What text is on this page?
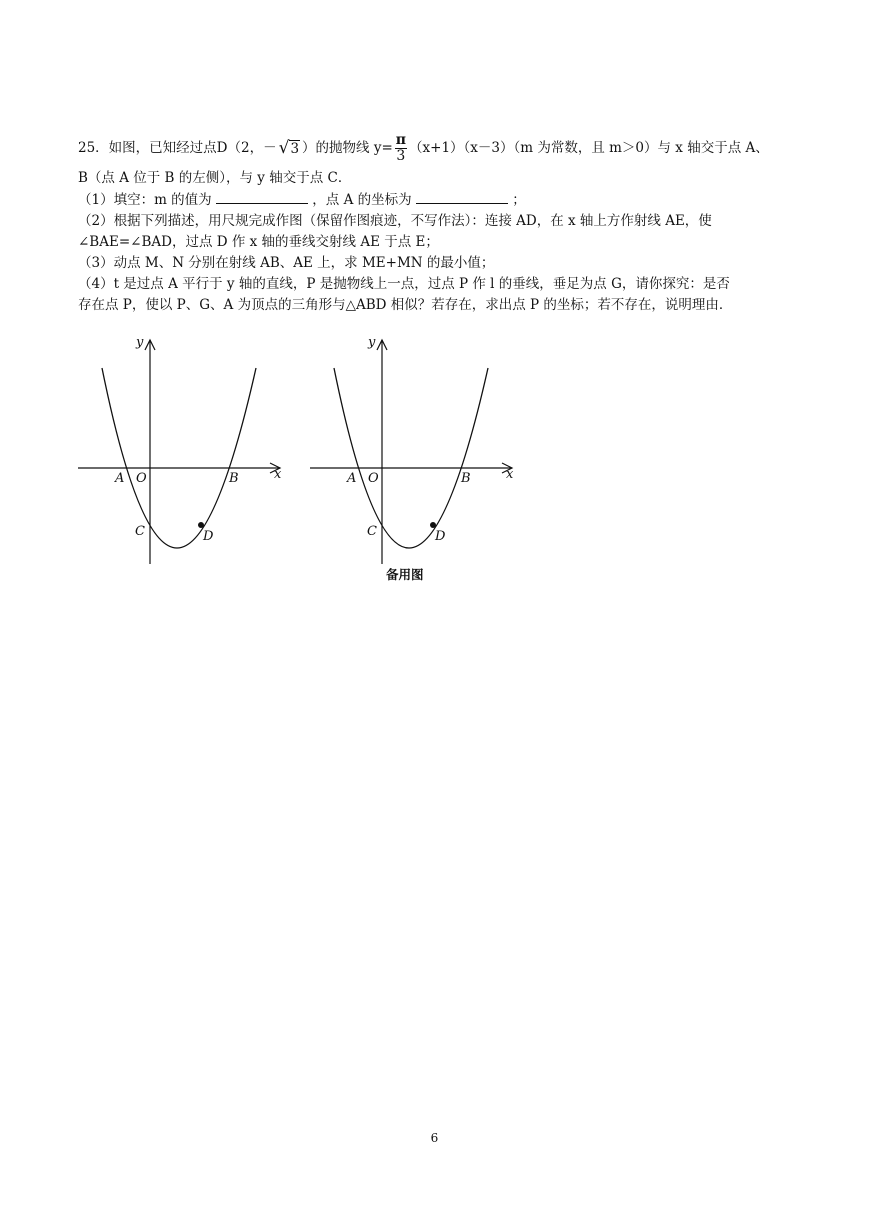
25．如图，已知经过点D（2，－ √ 3 ）的抛物线 $y= \frac{\pi}{3} (x+1)(x-3)(m$ 为常数，且 m＞0）与 x 轴交于点 A、
B（点 A 位于 B 的左侧），与 y 轴交于点 C．
（1）填空：m 的值为	，点 A 的坐标为	；
（2）根据下列描述，用尺规完成作图（保留作图痕迹，不写作法）：连接 AD，在 x 轴上方作射线 AE，使
∠BAE=∠BAD，过点 D 作 x 轴的垂线交射线 AE 于点 E；
（3）动点 M、N 分别在射线 AB、AE 上，求 ME+MN 的最小值；
（4）t 是过点 A 平行于 y 轴的直线，P 是抛物线上一点，过点 P 作 l 的垂线，垂足为点 G，请你探究：是否
存在点 P，使以 P、G、A 为顶点的三角形与△ABD 相似？若存在，求出点 P 的坐标；若不存在，说明理由．
y
x
A O	B
C	D
y
x
A O	B
C	D
备用图
6
